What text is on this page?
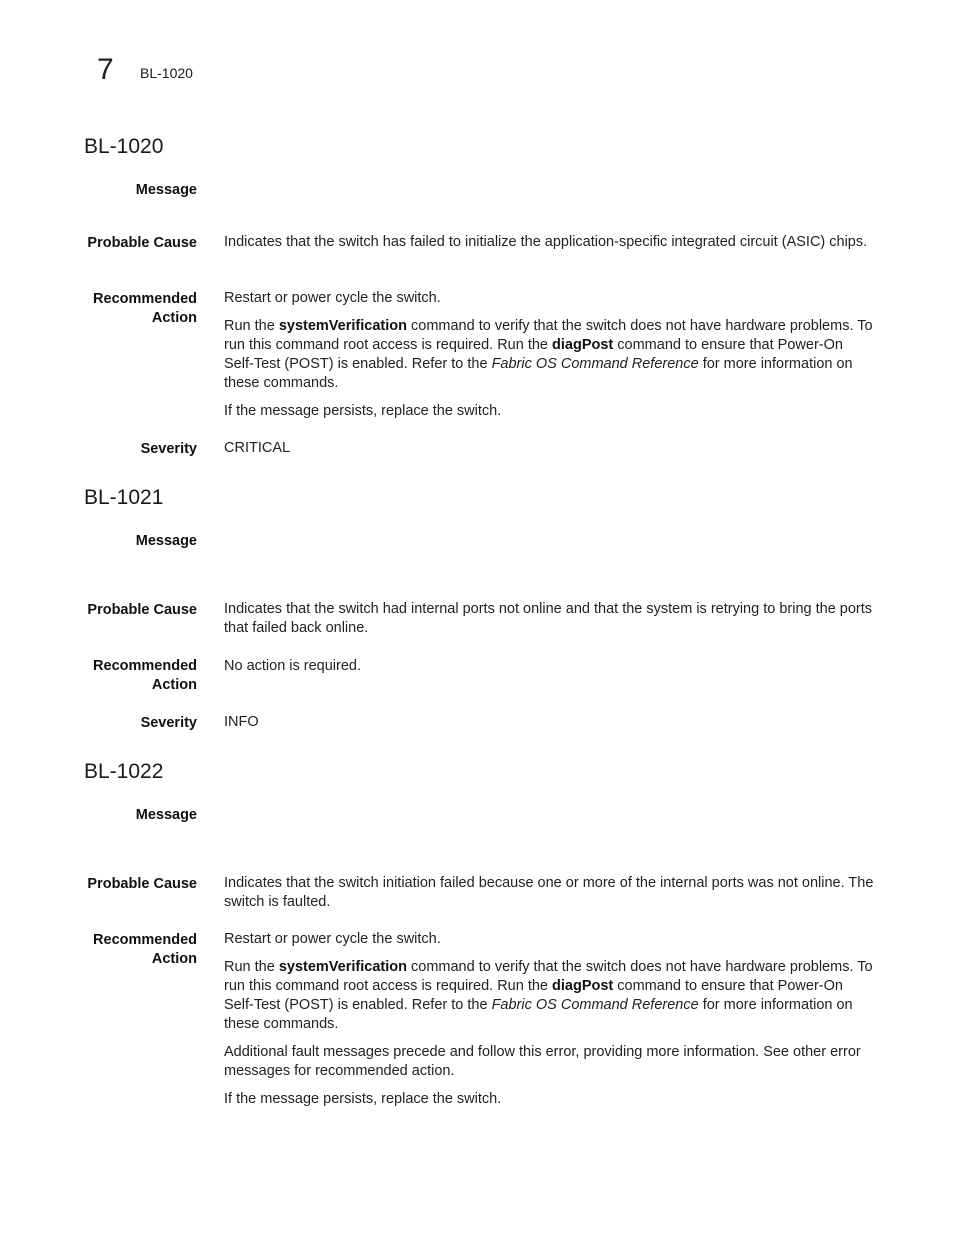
7 BL-1020
BL-1020
Message
Probable Cause Indicates that the switch has failed to initialize the application-specific integrated circuit (ASIC) chips.
Recommended
Action

Restart or power cycle the switch.

Run the systemVerification command to verify that the switch does not have hardware problems. To run this command root access is required. Run the diagPost command to ensure that Power-On Self-Test (POST) is enabled. Refer to the Fabric OS Command Reference for more information on these commands.

If the message persists, replace the switch.

Severity CRITICAL
BL-1021
Message
Probable Cause Indicates that the switch had internal ports not online and that the system is retrying to bring the ports that failed back online.
Recommended
Action
No action is required.
Severity INFO
BL-1022
Message
Probable Cause Indicates that the switch initiation failed because one or more of the internal ports was not online. The switch is faulted.
Recommended
Action

Restart or power cycle the switch.

Run the systemVerification command to verify that the switch does not have hardware problems. To run this command root access is required. Run the diagPost command to ensure that Power-On Self-Test (POST) is enabled. Refer to the Fabric OS Command Reference for more information on these commands.

Additional fault messages precede and follow this error, providing more information. See other error messages for recommended action.

If the message persists, replace the switch.
